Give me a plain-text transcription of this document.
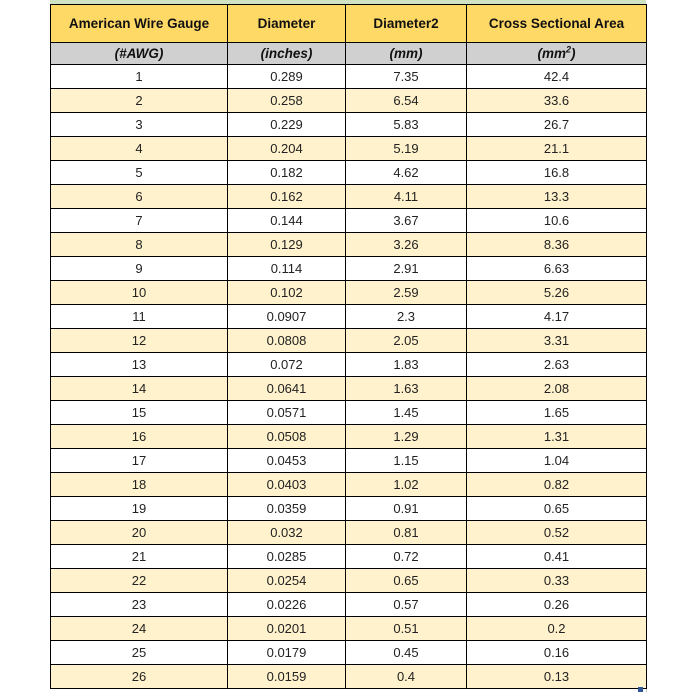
American Wire Gauge	Diameter	Diameter2	Cross Sectional Area
(#AWG)	(inches)	(mm)	$(mm^2)$
1	0.289	7.35	42.4
2	0.258	6.54	33.6
3	0.229	5.83	26.7
4	0.204	5.19	21.1
5	0.182	4.62	16.8
6	0.162	4.11	13.3
7	0.144	3.67	10.6
8	0.129	3.26	8.36
9	0.114	2.91	6.63
10	0.102	2.59	5.26
11	0.0907	2.3	4.17
12	0.0808	2.05	3.31
13	0.072	1.83	2.63
14	0.0641	1.63	2.08
15	0.0571	1.45	1.65
16	0.0508	1.29	1.31
17	0.0453	1.15	1.04
18	0.0403	1.02	0.82
19	0.0359	0.91	0.65
20	0.032	0.81	0.52
21	0.0285	0.72	0.41
22	0.0254	0.65	0.33
23	0.0226	0.57	0.26
24	0.0201	0.51	0.2
25	0.0179	0.45	0.16
26	0.0159	0.4	0.13
